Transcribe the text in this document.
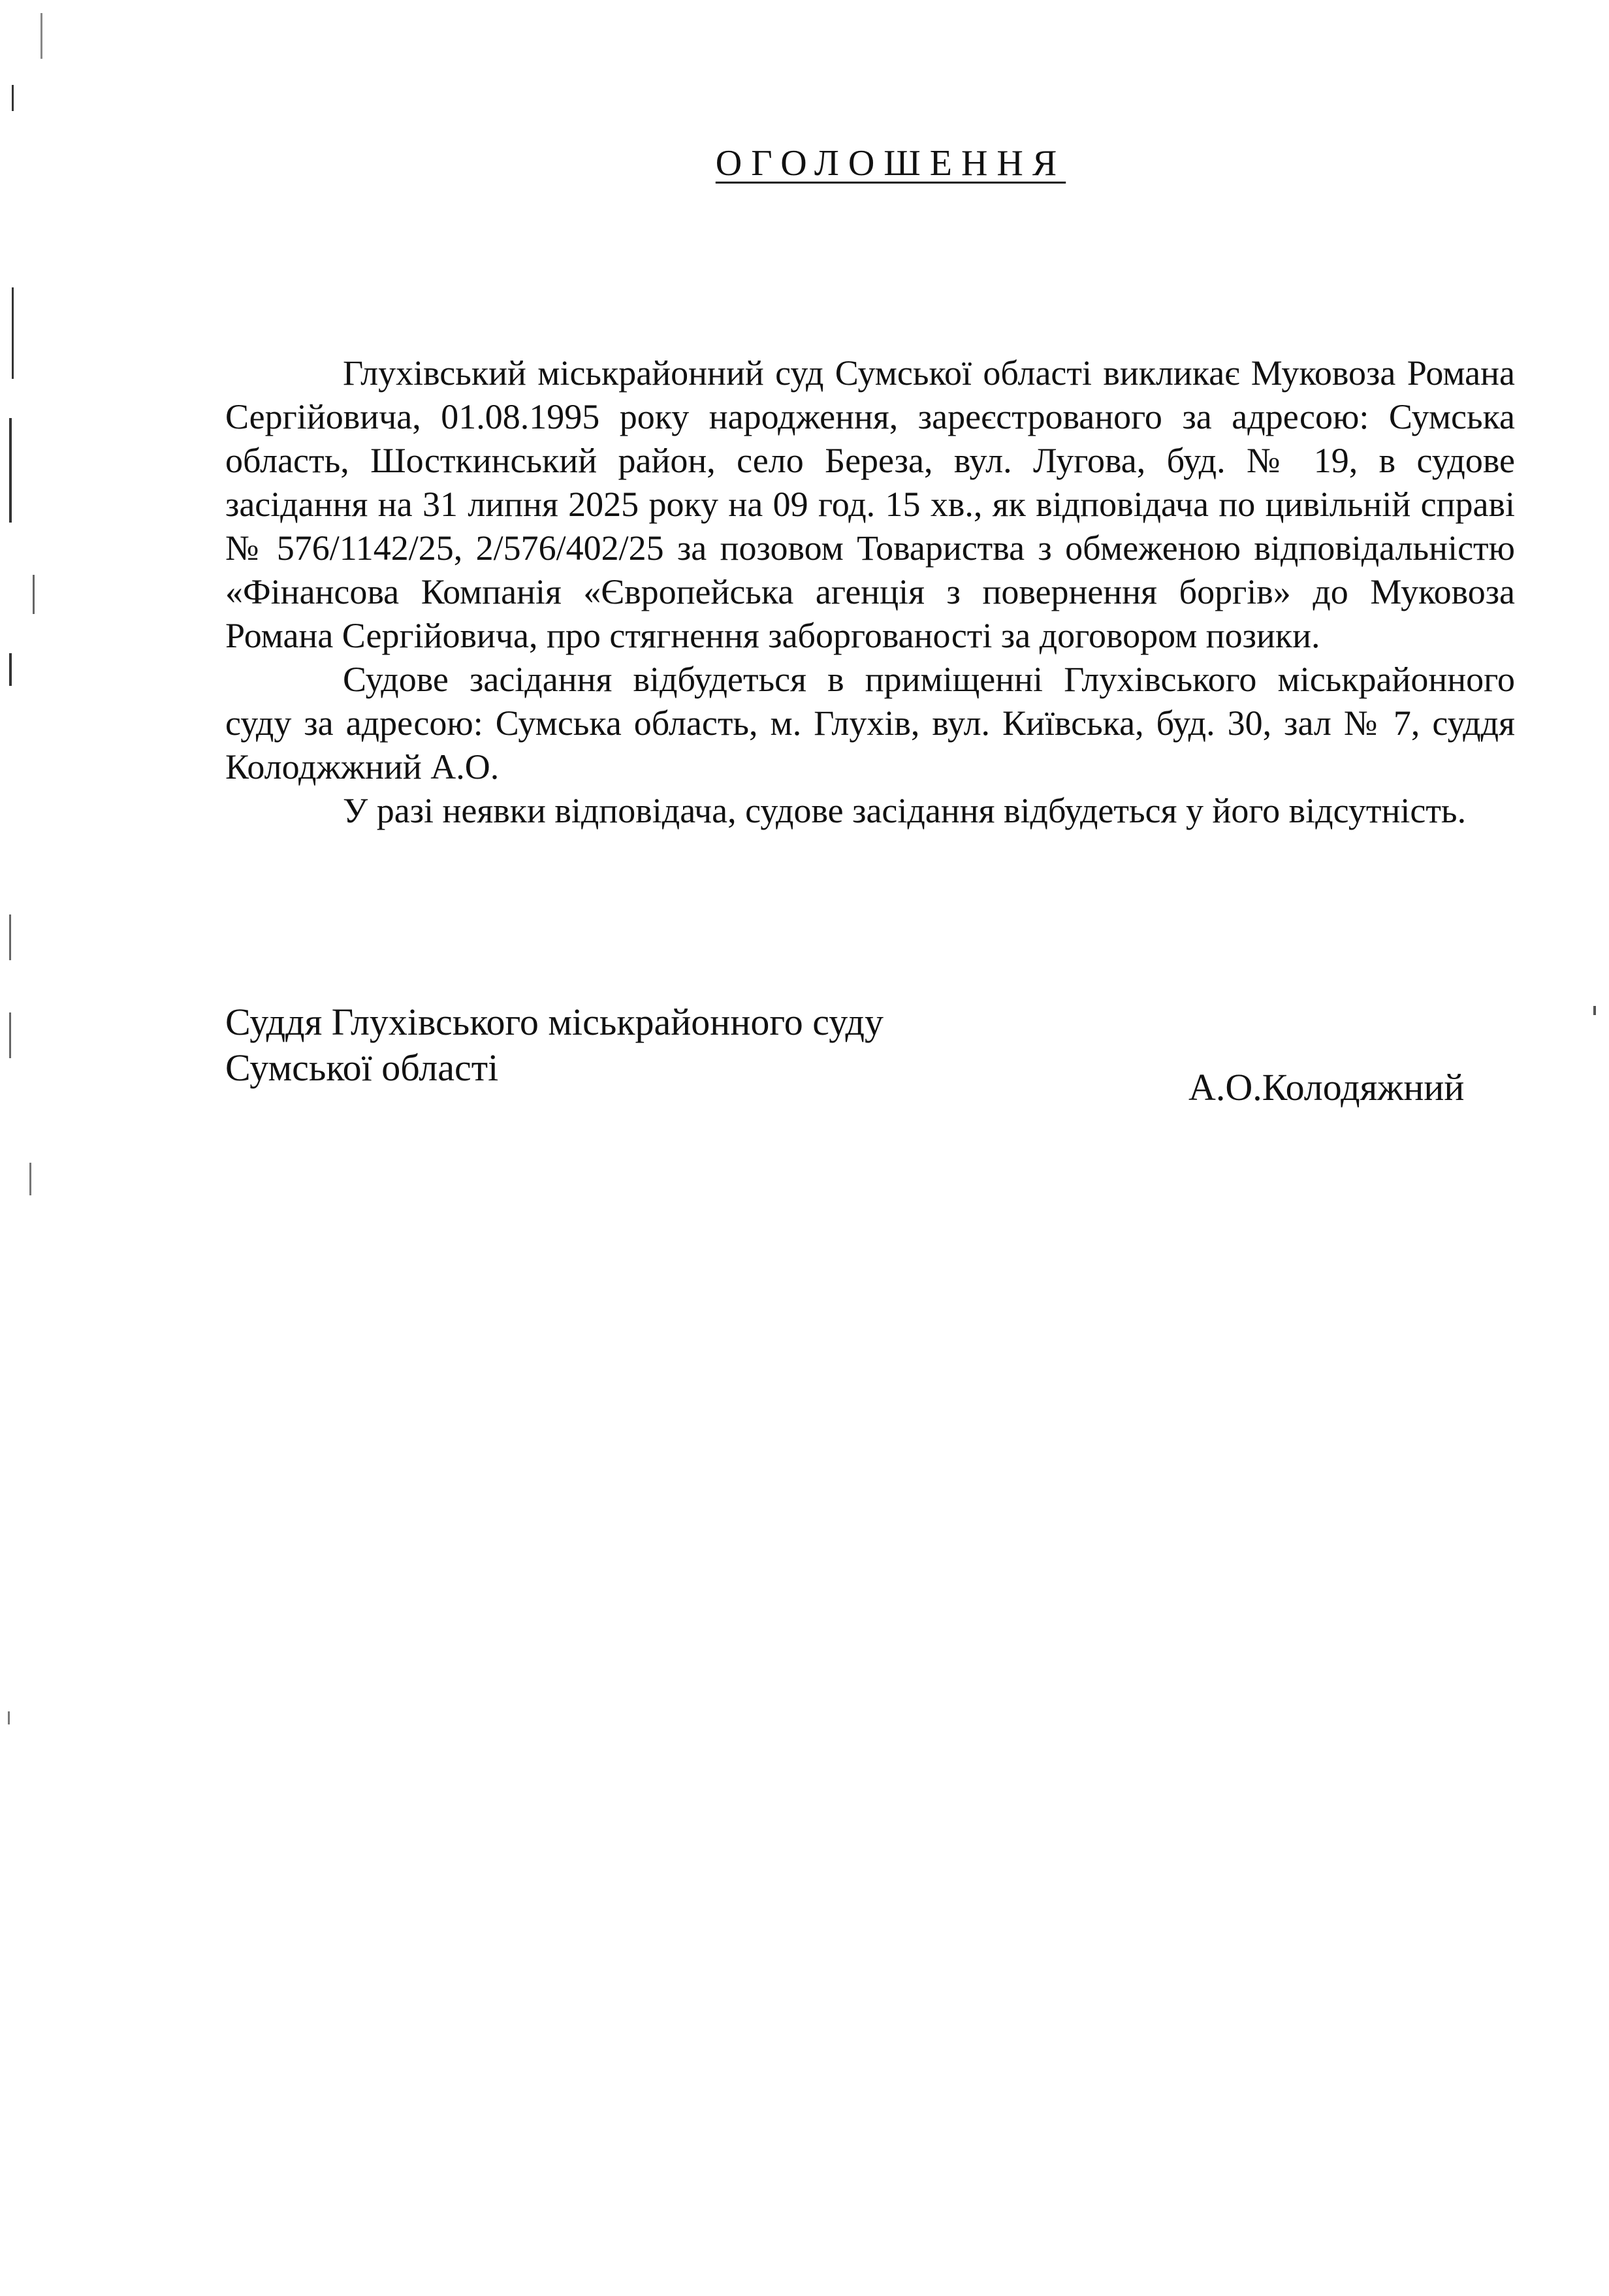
ОГОЛОШЕННЯ

Глухівський міськрайонний суд Сумської області викликає Муковоза Романа Сергійовича, 01.08.1995 року народження, зареєстрованого за адресою: Сумська область, Шосткинський район, село Береза, вул. Лугова, буд. № 19, в судове засідання на 31 липня 2025 року на 09 год. 15 хв., як відповідача по цивільній справі № 576/1142/25, 2/576/402/25 за позовом Товариства з обмеженою відповідальністю «Фінансова Компанія «Європейська агенція з повернення боргів» до Муковоза Романа Сергійовича, про стягнення заборгованості за договором позики.

Судове засідання відбудеться в приміщенні Глухівського міськрайонного суду за адресою: Сумська область, м. Глухів, вул. Київська, буд. 30, зал № 7, суддя Колоджжний А.О.

У разі неявки відповідача, судове засідання відбудеться у його відсутність.

Суддя Глухівського міськрайонного суду
Сумської області	А.О.Колодяжний
